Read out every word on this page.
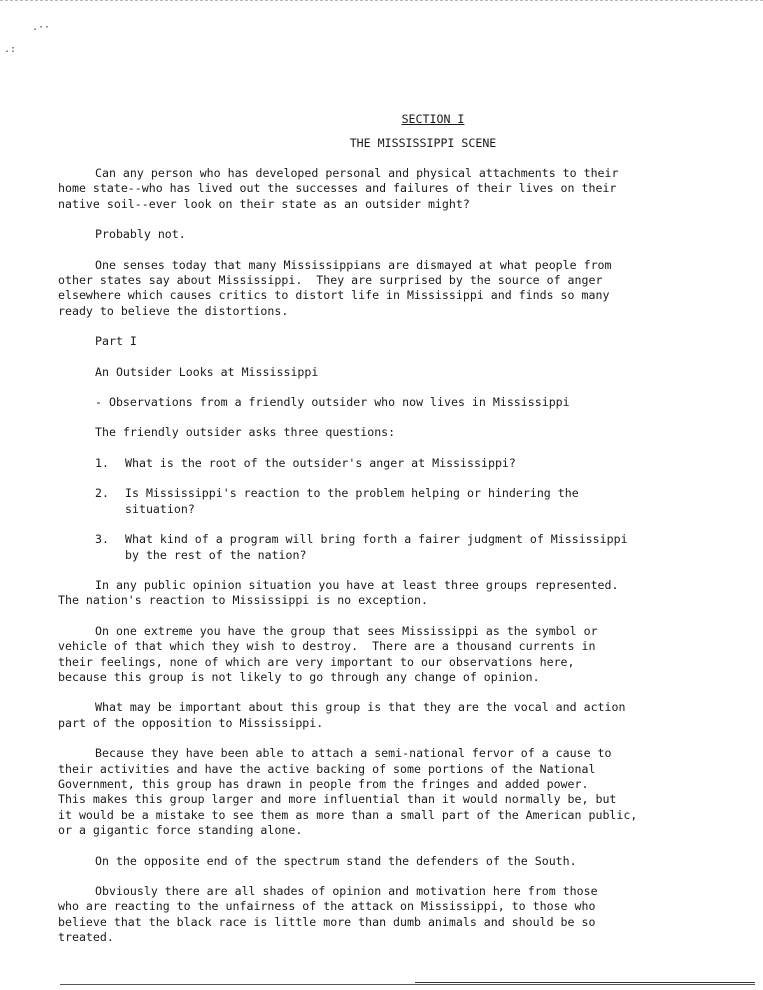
.··
.:

SECTION I

THE MISSISSIPPI SCENE

Can any person who has developed personal and physical attachments to their

home state--who has lived out the successes and failures of their lives on their

native soil--ever look on their state as an outsider might?

Probably not.

One senses today that many Mississippians are dismayed at what people from

other states say about Mississippi.  They are surprised by the source of anger

elsewhere which causes critics to distort life in Mississippi and finds so many

ready to believe the distortions.

Part I

An Outsider Looks at Mississippi

- Observations from a friendly outsider who now lives in Mississippi

The friendly outsider asks three questions:

1.	What is the root of the outsider's anger at Mississippi?
2.	Is Mississippi's reaction to the problem helping or hindering the
situation?
3.	What kind of a program will bring forth a fairer judgment of Mississippi
by the rest of the nation?

In any public opinion situation you have at least three groups represented.

The nation's reaction to Mississippi is no exception.

On one extreme you have the group that sees Mississippi as the symbol or

vehicle of that which they wish to destroy.  There are a thousand currents in

their feelings, none of which are very important to our observations here,

because this group is not likely to go through any change of opinion.

What may be important about this group is that they are the vocal and action

part of the opposition to Mississippi.

Because they have been able to attach a semi-national fervor of a cause to

their activities and have the active backing of some portions of the National

Government, this group has drawn in people from the fringes and added power.

This makes this group larger and more influential than it would normally be, but

it would be a mistake to see them as more than a small part of the American public,

or a gigantic force standing alone.

On the opposite end of the spectrum stand the defenders of the South.

Obviously there are all shades of opinion and motivation here from those

who are reacting to the unfairness of the attack on Mississippi, to those who

believe that the black race is little more than dumb animals and should be so

treated.
